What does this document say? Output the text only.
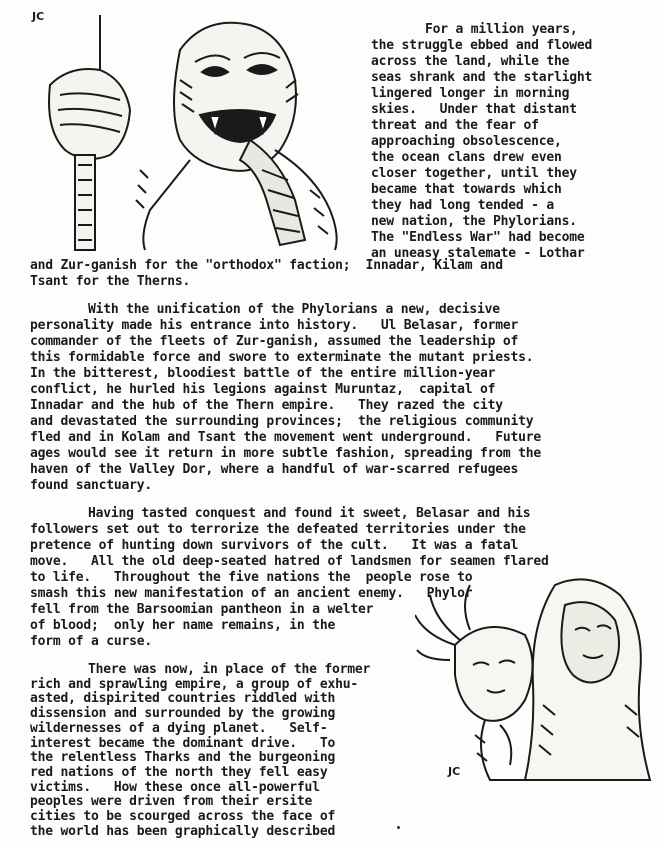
JC
JC
For a million years,
the struggle ebbed and flowed
across the land, while the
seas shrank and the starlight
lingered longer in morning
skies.   Under that distant
threat and the fear of
approaching obsolescence,
the ocean clans drew even
closer together, until they
became that towards which
they had long tended - a
new nation, the Phylorians.
The "Endless War" had become
an uneasy stalemate - Lothar
and Zur-ganish for the "orthodox" faction;  Innadar, Kilam and
Tsant for the Therns.
With the unification of the Phylorians a new, decisive
personality made his entrance into history.   Ul Belasar, former
commander of the fleets of Zur-ganish, assumed the leadership of
this formidable force and swore to exterminate the mutant priests.
In the bitterest, bloodiest battle of the entire million-year
conflict, he hurled his legions against Muruntaz,  capital of
Innadar and the hub of the Thern empire.   They razed the city
and devastated the surrounding provinces;  the religious community
fled and in Kolam and Tsant the movement went underground.   Future
ages would see it return in more subtle fashion, spreading from the
haven of the Valley Dor, where a handful of war-scarred refugees
found sanctuary.
Having tasted conquest and found it sweet, Belasar and his
followers set out to terrorize the defeated territories under the
pretence of hunting down survivors of the cult.   It was a fatal
move.   All the old deep-seated hatred of landsmen for seamen flared
to life.   Throughout the five nations the  people rose to
smash this new manifestation of an ancient enemy.   Phylor
fell from the Barsoomian pantheon in a welter
of blood;  only her name remains, in the
form of a curse.
There was now, in place of the former
rich and sprawling empire, a group of exhu-
asted, dispirited countries riddled with
dissension and surrounded by the growing
wildernesses of a dying planet.   Self-
interest became the dominant drive.   To
the relentless Tharks and the burgeoning
red nations of the north they fell easy
victims.   How these once all-powerful
peoples were driven from their ersite
cities to be scourged across the face of
the world has been graphically described
